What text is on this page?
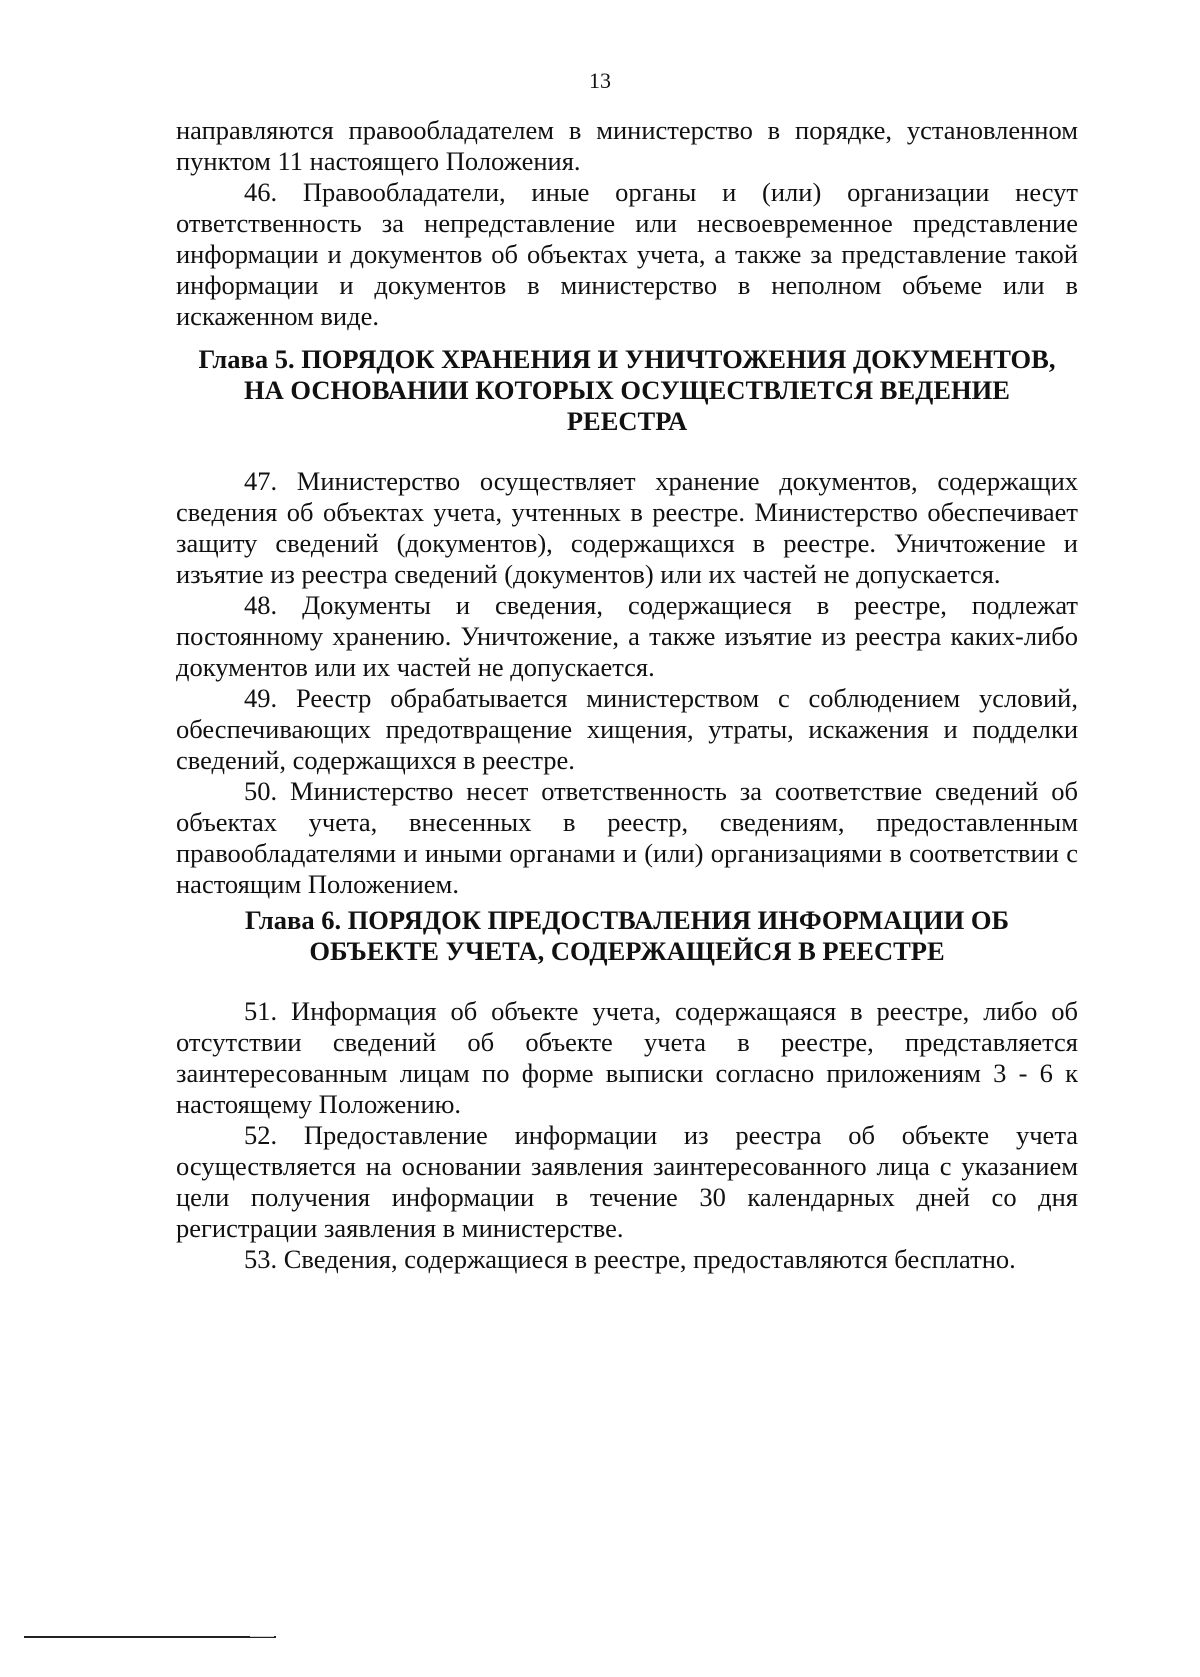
13

направляются правообладателем в министерство в порядке, установленном пунктом 11 настоящего Положения.

46. Правообладатели, иные органы и (или) организации несут ответственность за непредставление или несвоевременное представление информации и документов об объектах учета, а также за представление такой информации и документов в министерство в неполном объеме или в искаженном виде.

Глава 5. ПОРЯДОК ХРАНЕНИЯ И УНИЧТОЖЕНИЯ ДОКУМЕНТОВ,
НА ОСНОВАНИИ КОТОРЫХ ОСУЩЕСТВЛЕТСЯ ВЕДЕНИЕ
РЕЕСТРА

47. Министерство осуществляет хранение документов, содержащих сведения об объектах учета, учтенных в реестре. Министерство обеспечивает защиту сведений (документов), содержащихся в реестре. Уничтожение и изъятие из реестра сведений (документов) или их частей не допускается.

48. Документы и сведения, содержащиеся в реестре, подлежат постоянному хранению. Уничтожение, а также изъятие из реестра каких-либо документов или их частей не допускается.

49. Реестр обрабатывается министерством с соблюдением условий, обеспечивающих предотвращение хищения, утраты, искажения и подделки сведений, содержащихся в реестре.

50. Министерство несет ответственность за соответствие сведений об объектах учета, внесенных в реестр, сведениям, предоставленным правообладателями и иными органами и (или) организациями в соответствии с настоящим Положением.

Глава 6. ПОРЯДОК ПРЕДОСТВАЛЕНИЯ ИНФОРМАЦИИ ОБ
ОБЪЕКТЕ УЧЕТА, СОДЕРЖАЩЕЙСЯ В РЕЕСТРЕ

51. Информация об объекте учета, содержащаяся в реестре, либо об отсутствии сведений об объекте учета в реестре, представляется заинтересованным лицам по форме выписки согласно приложениям 3 - 6 к настоящему Положению.

52. Предоставление информации из реестра об объекте учета осуществляется на основании заявления заинтересованного лица с указанием цели получения информации в течение 30 календарных дней со дня регистрации заявления в министерстве.

53. Сведения, содержащиеся в реестре, предоставляются бесплатно.
